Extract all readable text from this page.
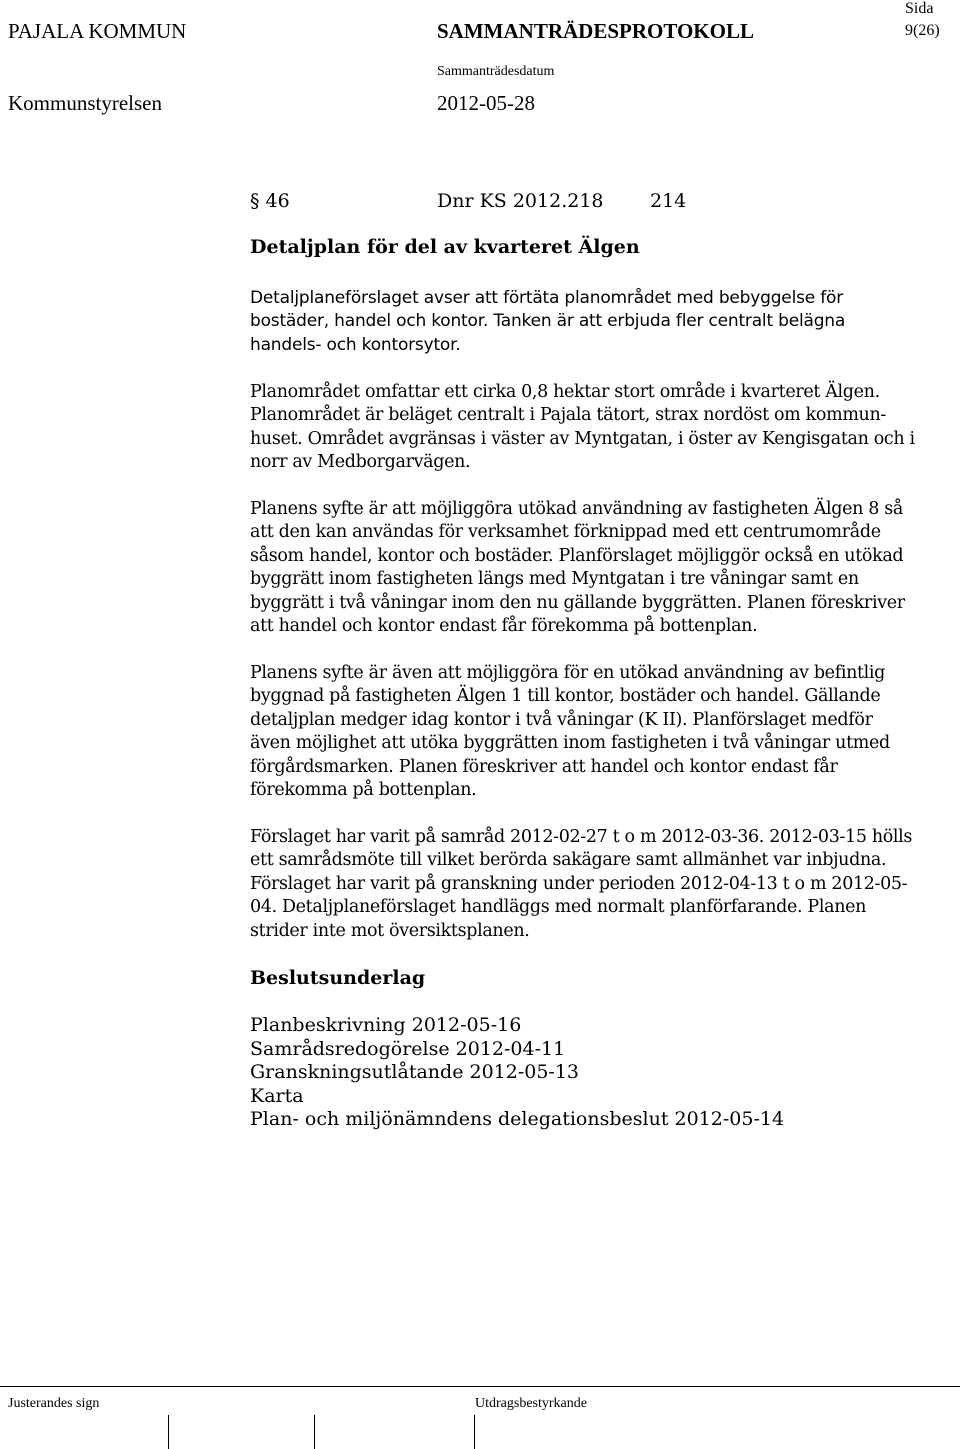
PAJALA KOMMUN	SAMMANTRÄDESPROTOKOLL
Sida
9(26)
Sammanträdesdatum
Kommunstyrelsen	2012-05-28
§ 46	Dnr KS 2012.218 214
Detaljplan för del av kvarteret Älgen
Detaljplaneförslaget avser att förtäta planområdet med bebyggelse för
bostäder, handel och kontor. Tanken är att erbjuda fler centralt belägna
handels- och kontorsytor.
Planområdet omfattar ett cirka 0,8 hektar stort område i kvarteret Älgen.
Planområdet är beläget centralt i Pajala tätort, strax nordöst om kommun-
huset. Området avgränsas i väster av Myntgatan, i öster av Kengisgatan och i
norr av Medborgarvägen.
Planens syfte är att möjliggöra utökad användning av fastigheten Älgen 8 så
att den kan användas för verksamhet förknippad med ett centrumområde
såsom handel, kontor och bostäder. Planförslaget möjliggör också en utökad
byggrätt inom fastigheten längs med Myntgatan i tre våningar samt en
byggrätt i två våningar inom den nu gällande byggrätten. Planen föreskriver
att handel och kontor endast får förekomma på bottenplan.
Planens syfte är även att möjliggöra för en utökad användning av befintlig
byggnad på fastigheten Älgen 1 till kontor, bostäder och handel. Gällande
detaljplan medger idag kontor i två våningar (K II). Planförslaget medför
även möjlighet att utöka byggrätten inom fastigheten i två våningar utmed
förgårdsmarken. Planen föreskriver att handel och kontor endast får
förekomma på bottenplan.
Förslaget har varit på samråd 2012-02-27 t o m 2012-03-36. 2012-03-15 hölls
ett samrådsmöte till vilket berörda sakägare samt allmänhet var inbjudna.
Förslaget har varit på granskning under perioden 2012-04-13 t o m 2012-05-
04. Detaljplaneförslaget handläggs med normalt planförfarande. Planen
strider inte mot översiktsplanen.
Beslutsunderlag
Planbeskrivning 2012-05-16
Samrådsredogörelse 2012-04-11
Granskningsutlåtande 2012-05-13
Karta
Plan- och miljönämndens delegationsbeslut 2012-05-14
Justerandes sign	Utdragsbestyrkande
